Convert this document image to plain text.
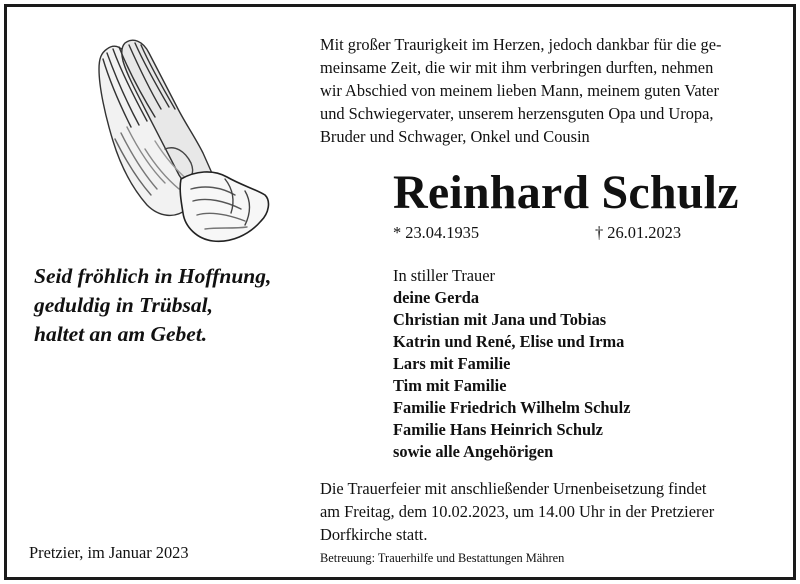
Mit großer Traurigkeit im Herzen, jedoch dankbar für die ge-
meinsame Zeit, die wir mit ihm verbringen durften, nehmen
wir Abschied von meinem lieben Mann, meinem guten Vater
und Schwiegervater, unserem herzensguten Opa und Uropa,
Bruder und Schwager, Onkel und Cousin
Reinhard Schulz
* 23.04.1935	† 26.01.2023
Seid fröhlich in Hoffnung,
geduldig in Trübsal,
haltet an am Gebet.
In stiller Trauer
deine Gerda
Christian mit Jana und Tobias
Katrin und René, Elise und Irma
Lars mit Familie
Tim mit Familie
Familie Friedrich Wilhelm Schulz
Familie Hans Heinrich Schulz
sowie alle Angehörigen
Die Trauerfeier mit anschließender Urnenbeisetzung findet
am Freitag, dem 10.02.2023, um 14.00 Uhr in der Pretzierer
Dorfkirche statt.
Pretzier, im Januar 2023	Betreuung: Trauerhilfe und Bestattungen Mähren
